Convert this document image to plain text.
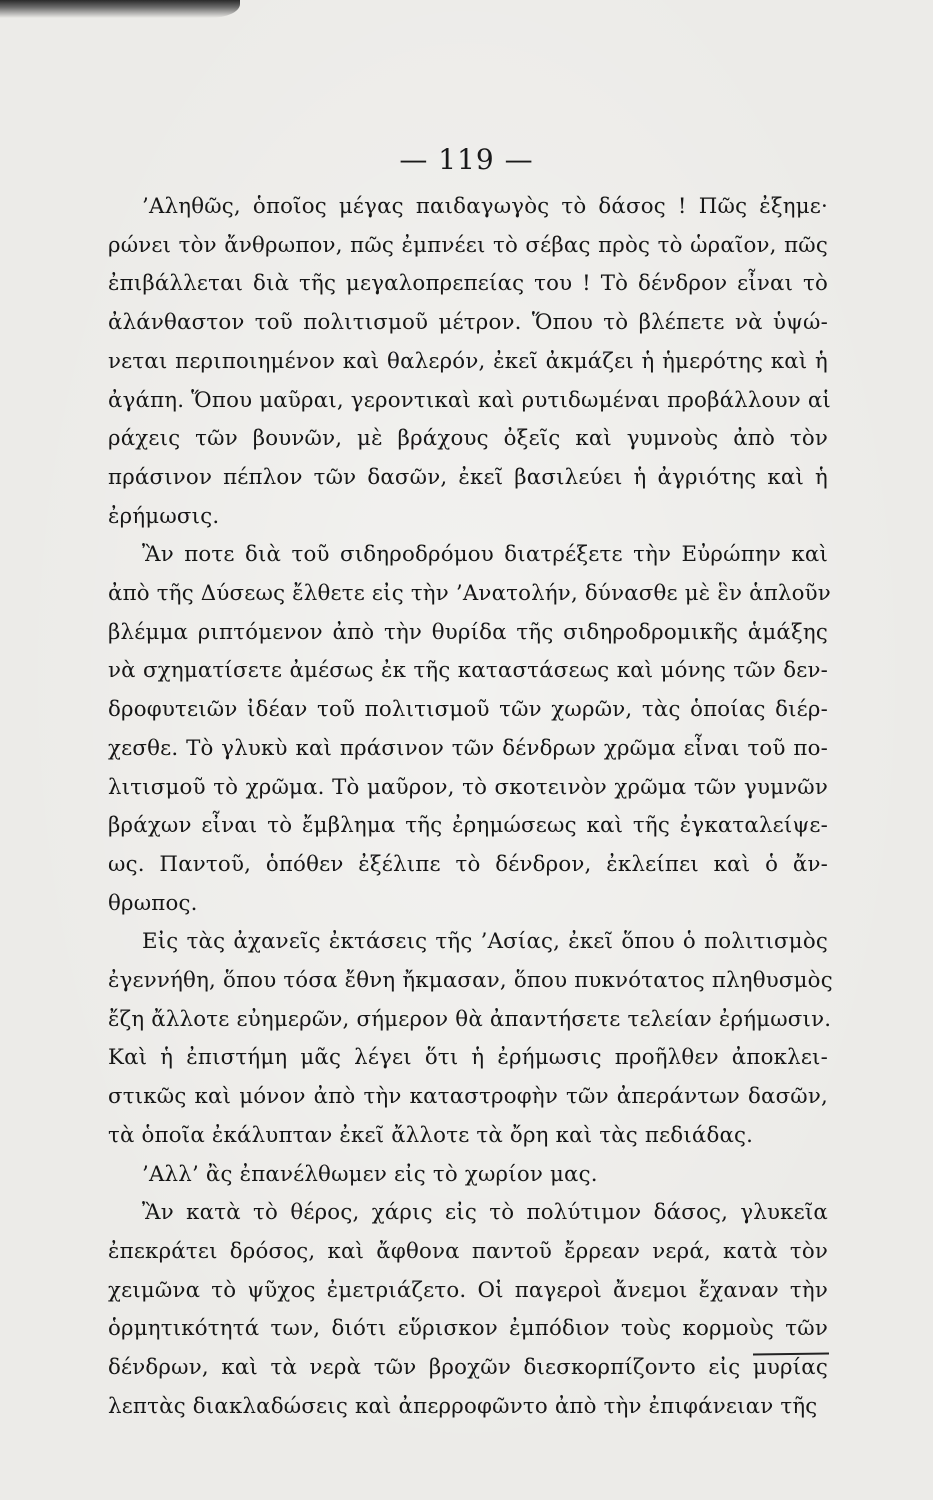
— 119 —

’Αληθῶς, ὁποῖος μέγας παιδαγωγὸς τὸ δάσος ! Πῶς ἐξημε·
ρώνει τὸν ἄνθρωπον, πῶς ἐμπνέει τὸ σέβας πρὸς τὸ ὡραῖον, πῶς
ἐπιβάλλεται διὰ τῆς μεγαλοπρεπείας του ! Τὸ δένδρον εἶναι τὸ
ἀλάνθαστον τοῦ πολιτισμοῦ μέτρον. Ὅπου τὸ βλέπετε νὰ ὑψώ-
νεται περιποιημένον καὶ θαλερόν, ἐκεῖ ἀκμάζει ἡ ἡμερότης καὶ ἡ
ἀγάπη. Ὅπου μαῦραι, γεροντικαὶ καὶ ρυτιδωμέναι προβάλλουν αἱ
ράχεις τῶν βουνῶν, μὲ βράχους ὀξεῖς καὶ γυμνοὺς ἀπὸ τὸν
πράσινον πέπλον τῶν δασῶν, ἐκεῖ βασιλεύει ἡ ἀγριότης καὶ ἡ
ἐρήμωσις.

Ἂν ποτε διὰ τοῦ σιδηροδρόμου διατρέξετε τὴν Εὐρώπην καὶ
ἀπὸ τῆς Δύσεως ἔλθετε εἰς τὴν ’Ανατολήν, δύνασθε μὲ ἓν ἁπλοῦν
βλέμμα ριπτόμενον ἀπὸ τὴν θυρίδα τῆς σιδηροδρομικῆς ἁμάξης
νὰ σχηματίσετε ἀμέσως ἐκ τῆς καταστάσεως καὶ μόνης τῶν δεν-
δροφυτειῶν ἰδέαν τοῦ πολιτισμοῦ τῶν χωρῶν, τὰς ὁποίας διέρ-
χεσθε. Τὸ γλυκὺ καὶ πράσινον τῶν δένδρων χρῶμα εἶναι τοῦ πο-
λιτισμοῦ τὸ χρῶμα. Τὸ μαῦρον, τὸ σκοτεινὸν χρῶμα τῶν γυμνῶν
βράχων εἶναι τὸ ἔμβλημα τῆς ἐρημώσεως καὶ τῆς ἐγκαταλείψε-
ως. Παντοῦ, ὁπόθεν ἐξέλιπε τὸ δένδρον, ἐκλείπει καὶ ὁ ἄν-
θρωπος.

Εἰς τὰς ἀχανεῖς ἐκτάσεις τῆς ’Ασίας, ἐκεῖ ὅπου ὁ πολιτισμὸς
ἐγεννήθη, ὅπου τόσα ἔθνη ἤκμασαν, ὅπου πυκνότατος πληθυσμὸς
ἔζη ἄλλοτε εὐημερῶν, σήμερον θὰ ἀπαντήσετε τελείαν ἐρήμωσιν.
Καὶ ἡ ἐπιστήμη μᾶς λέγει ὅτι ἡ ἐρήμωσις προῆλθεν ἀποκλει-
στικῶς καὶ μόνον ἀπὸ τὴν καταστροφὴν τῶν ἀπεράντων δασῶν,
τὰ ὁποῖα ἐκάλυπταν ἐκεῖ ἄλλοτε τὰ ὄρη καὶ τὰς πεδιάδας.

’Αλλ’ ἂς ἐπανέλθωμεν εἰς τὸ χωρίον μας.

Ἂν κατὰ τὸ θέρος, χάρις εἰς τὸ πολύτιμον δάσος, γλυκεῖα
ἐπεκράτει δρόσος, καὶ ἄφθονα παντοῦ ἔρρεαν νερά, κατὰ τὸν
χειμῶνα τὸ ψῦχος ἐμετριάζετο. Οἱ παγεροὶ ἄνεμοι ἔχαναν τὴν
ὁρμητικότητά των, διότι εὕρισκον ἐμπόδιον τοὺς κορμοὺς τῶν
δένδρων, καὶ τὰ νερὰ τῶν βροχῶν διεσκορπίζοντο εἰς μυρίας
λεπτὰς διακλαδώσεις καὶ ἀπερροφῶντο ἀπὸ τὴν ἐπιφάνειαν τῆς
